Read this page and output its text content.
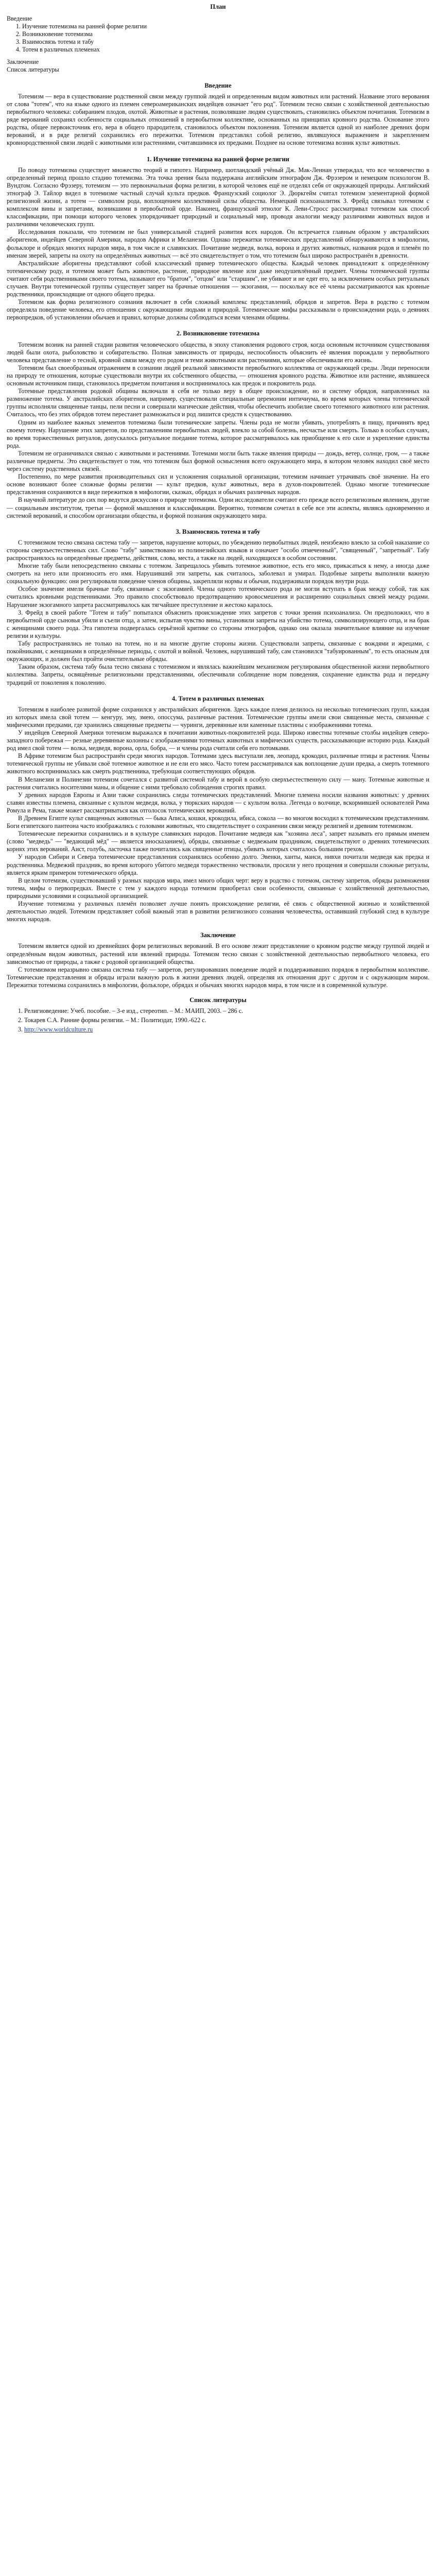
План
Введение
1. Изучение тотемизма на ранней форме религии
2. Возникновение тотемизма
3. Взаимосвязь тотема и табу
4. Тотем в различных племенах
Заключение
Список литературы
Введение

Тотемизм — вера в существование родственной связи между группой людей и определенным видом животных или растений. Название этого верования от слова "тотем", что на языке одного из племен североамериканских индейцев означает "его род". Тотемизм тесно связан с хозяйственной деятельностью первобытного человека: собиранием плодов, охотой. Животные и растения, позволявшие людям существовать, становились объектом почитания. Тотемизм в ряде верований сохранял особенности социальных отношений в первобытном коллективе, основанных на принципах кровного родства. Основание этого родства, общее первоисточник его, вера в общего прародителя, становилось объектом поклонения. Тотемизм является одной из наиболее древних форм верований, и в ряде религий сохранились его пережитки. Тотемизм представлял собой религию, являвшуюся выражением и закреплением кровнородственной связи людей с животными или растениями, считавшимися их предками. Позднее на основе тотемизма возник культ животных.

1. Изучение тотемизма на ранней форме религии

По поводу тотемизма существует множество теорий и гипотез. Например, шотландский учёный Дж. Мак-Леннан утверждал, что все человечество в определенный период прошло стадию тотемизма. Эта точка зрения была поддержана английским этнографом Дж. Фрэзером и немецким психологом В. Вундтом. Согласно Фрэзеру, тотемизм — это первоначальная форма религии, в которой человек ещё не отделял себя от окружающей природы. Английский этнограф Э. Тайлор видел в тотемизме частный случай культа предков. Французский социолог Э. Дюркгейм считал тотемизм элементарной формой религиозной жизни, а тотем — символом рода, воплощением коллективной силы общества. Немецкий психоаналитик З. Фрейд связывал тотемизм с комплексом вины и запретами, возникшими в первобытной орде. Наконец, французский этнолог К. Леви-Стросс рассматривал тотемизм как способ классификации, при помощи которого человек упорядочивает природный и социальный мир, проводя аналогии между различиями животных видов и различиями человеческих групп.

Исследования показали, что тотемизм не был универсальной стадией развития всех народов. Он встречается главным образом у австралийских аборигенов, индейцев Северной Америки, народов Африки и Меланезии. Однако пережитки тотемических представлений обнаруживаются в мифологии, фольклоре и обрядах многих народов мира, в том числе и славянских. Почитание медведя, волка, ворона и других животных, названия родов и племён по именам зверей, запреты на охоту на определённых животных — всё это свидетельствует о том, что тотемизм был широко распространён в древности.

Австралийские аборигены представляют собой классический пример тотемического общества. Каждый человек принадлежит к определённому тотемическому роду, и тотемом может быть животное, растение, природное явление или даже неодушевлённый предмет. Члены тотемической группы считают себя родственниками своего тотема, называют его "братом", "отцом" или "старшим", не убивают и не едят его, за исключением особых ритуальных случаев. Внутри тотемической группы существует запрет на брачные отношения — экзогамия, — поскольку все её члены рассматриваются как кровные родственники, происходящие от одного общего предка.

Тотемизм как форма религиозного сознания включает в себя сложный комплекс представлений, обрядов и запретов. Вера в родство с тотемом определяла поведение человека, его отношения с окружающими людьми и природой. Тотемические мифы рассказывали о происхождении рода, о деяниях первопредков, об установлении обычаев и правил, которые должны соблюдаться всеми членами общины.

2. Возникновение тотемизма

Тотемизм возник на ранней стадии развития человеческого общества, в эпоху становления родового строя, когда основным источником существования людей были охота, рыболовство и собирательство. Полная зависимость от природы, неспособность объяснить её явления порождали у первобытного человека представление о тесной, кровной связи между его родом и теми животными или растениями, которые обеспечивали его жизнь.

Тотемизм был своеобразным отражением в сознании людей реальной зависимости первобытного коллектива от окружающей среды. Люди переносили на природу те отношения, которые существовали внутри их собственного общества, — отношения кровного родства. Животное или растение, являвшееся основным источником пищи, становилось предметом почитания и воспринималось как предок и покровитель рода.

Тотемные представления родовой общины включали в себя не только веру в общее происхождение, но и систему обрядов, направленных на размножение тотема. У австралийских аборигенов, например, существовали специальные церемонии интичиума, во время которых члены тотемической группы исполняли священные танцы, пели песни и совершали магические действия, чтобы обеспечить изобилие своего тотемного животного или растения. Считалось, что без этих обрядов тотем перестанет размножаться и род лишится средств к существованию.

Одним из наиболее важных элементов тотемизма были тотемические запреты. Члены рода не могли убивать, употреблять в пищу, причинять вред своему тотему. Нарушение этих запретов, по представлениям первобытных людей, влекло за собой болезнь, несчастье или смерть. Только в особых случаях, во время торжественных ритуалов, допускалось ритуальное поедание тотема, которое рассматривалось как приобщение к его силе и укрепление единства рода.

Тотемизм не ограничивался связью с животными и растениями. Тотемами могли быть также явления природы — дождь, ветер, солнце, гром, — а также различные предметы. Это свидетельствует о том, что тотемизм был формой осмысления всего окружающего мира, в котором человек находил своё место через систему родственных связей.

Постепенно, по мере развития производительных сил и усложнения социальной организации, тотемизм начинает утрачивать своё значение. На его основе возникают более сложные формы религии — культ предков, культ животных, вера в духов-покровителей. Однако многие тотемические представления сохраняются в виде пережитков в мифологии, сказках, обрядах и обычаях различных народов.

В научной литературе до сих пор ведутся дискуссии о природе тотемизма. Одни исследователи считают его прежде всего религиозным явлением, другие — социальным институтом, третьи — формой мышления и классификации. Вероятно, тотемизм сочетал в себе все эти аспекты, являясь одновременно и системой верований, и способом организации общества, и формой познания окружающего мира.

3. Взаимосвязь тотема и табу

С тотемизмом тесно связана система табу — запретов, нарушение которых, по убеждению первобытных людей, неизбежно влекло за собой наказание со стороны сверхъестественных сил. Слово "табу" заимствовано из полинезийских языков и означает "особо отмеченный", "священный", "запретный". Табу распространялось на определённые предметы, действия, слова, места, а также на людей, находящихся в особом состоянии.

Многие табу были непосредственно связаны с тотемом. Запрещалось убивать тотемное животное, есть его мясо, прикасаться к нему, а иногда даже смотреть на него или произносить его имя. Нарушивший эти запреты, как считалось, заболевал и умирал. Подобные запреты выполняли важную социальную функцию: они регулировали поведение членов общины, закрепляли нормы и обычаи, поддерживали порядок внутри рода.

Особое значение имели брачные табу, связанные с экзогамией. Члены одного тотемического рода не могли вступать в брак между собой, так как считались кровными родственниками. Это правило способствовало предотвращению кровосмешения и расширению социальных связей между родами. Нарушение экзогамного запрета рассматривалось как тягчайшее преступление и жестоко каралось.

З. Фрейд в своей работе "Тотем и табу" попытался объяснить происхождение этих запретов с точки зрения психоанализа. Он предположил, что в первобытной орде сыновья убили и съели отца, а затем, испытав чувство вины, установили запреты на убийство тотема, символизирующего отца, и на брак с женщинами своего рода. Эта гипотеза подвергалась серьёзной критике со стороны этнографов, однако она оказала значительное влияние на изучение религии и культуры.

Табу распространялись не только на тотем, но и на многие другие стороны жизни. Существовали запреты, связанные с вождями и жрецами, с покойниками, с женщинами в определённые периоды, с охотой и войной. Человек, нарушивший табу, сам становился "табуированным", то есть опасным для окружающих, и должен был пройти очистительные обряды.

Таким образом, система табу была тесно связана с тотемизмом и являлась важнейшим механизмом регулирования общественной жизни первобытного коллектива. Запреты, освящённые религиозными представлениями, обеспечивали соблюдение норм поведения, сохранение единства рода и передачу традиций от поколения к поколению.

4. Тотем в различных племенах

Тотемизм в наиболее развитой форме сохранился у австралийских аборигенов. Здесь каждое племя делилось на несколько тотемических групп, каждая из которых имела свой тотем — кенгуру, эму, змею, опоссума, различные растения. Тотемические группы имели свои священные места, связанные с мифическими предками, где хранились священные предметы — чуринги, деревянные или каменные пластины с изображениями тотема.

У индейцев Северной Америки тотемизм выражался в почитании животных-покровителей рода. Широко известны тотемные столбы индейцев северо-западного побережья — резные деревянные колонны с изображениями тотемных животных и мифических существ, рассказывающие историю рода. Каждый род имел свой тотем — волка, медведя, ворона, орла, бобра, — и члены рода считали себя его потомками.

В Африке тотемизм был распространён среди многих народов. Тотемами здесь выступали лев, леопард, крокодил, различные птицы и растения. Члены тотемической группы не убивали своё тотемное животное и не ели его мясо. Часто тотем рассматривался как воплощение души предка, а смерть тотемного животного воспринималась как смерть родственника, требующая соответствующих обрядов.

В Меланезии и Полинезии тотемизм сочетался с развитой системой табу и верой в особую сверхъестественную силу — ману. Тотемные животные и растения считались носителями маны, и общение с ними требовало соблюдения строгих правил.

У древних народов Европы и Азии также сохранились следы тотемических представлений. Многие племена носили названия животных: у древних славян известны племена, связанные с культом медведя, волка, у тюркских народов — с культом волка. Легенда о волчице, вскормившей основателей Рима Ромула и Рема, также может рассматриваться как отголосок тотемических верований.

В Древнем Египте культ священных животных — быка Аписа, кошки, крокодила, ибиса, сокола — во многом восходил к тотемическим представлениям. Боги египетского пантеона часто изображались с головами животных, что свидетельствует о сохранении связи между религией и древним тотемизмом.

Тотемические пережитки сохранились и в культуре славянских народов. Почитание медведя как "хозяина леса", запрет называть его прямым именем (слово "медведь" — "ведающий мёд" — является иносказанием), обряды, связанные с медвежьим праздником, свидетельствуют о древних тотемических корнях этих верований. Аист, голубь, ласточка также почитались как священные птицы, убивать которых считалось большим грехом.

У народов Сибири и Севера тотемические представления сохранялись особенно долго. Эвенки, ханты, манси, нивхи почитали медведя как предка и родственника. Медвежий праздник, во время которого убитого медведя торжественно чествовали, просили у него прощения и совершали сложные ритуалы, является ярким примером тотемического обряда.

В целом тотемизм, существовавший у разных народов мира, имел много общих черт: веру в родство с тотемом, систему запретов, обряды размножения тотема, мифы о первопредках. Вместе с тем у каждого народа тотемизм приобретал свои особенности, связанные с хозяйственной деятельностью, природными условиями и социальной организацией.

Изучение тотемизма у различных племён позволяет лучше понять происхождение религии, её связь с общественной жизнью и хозяйственной деятельностью людей. Тотемизм представляет собой важный этап в развитии религиозного сознания человечества, оставивший глубокий след в культуре многих народов.

Заключение

Тотемизм является одной из древнейших форм религиозных верований. В его основе лежит представление о кровном родстве между группой людей и определённым видом животных, растений или явлений природы. Тотемизм тесно связан с хозяйственной деятельностью первобытного человека, его зависимостью от природы, а также с родовой организацией общества.

С тотемизмом неразрывно связана система табу — запретов, регулировавших поведение людей и поддерживавших порядок в первобытном коллективе. Тотемические представления и обряды играли важную роль в жизни древних людей, определяя их отношения друг с другом и с окружающим миром. Пережитки тотемизма сохранились в мифологии, фольклоре, обрядах и обычаях многих народов мира, в том числе и в современной культуре.

Список литературы
1. Религиоведение: Учеб. пособие. – 3-е изд., стереотип. – М.: МАИП, 2003. – 286 с.
2. Токарев С.А. Ранние формы религии. – М.: Политиздат, 1990.-622 с.
3. http://www.worldculture.ru
